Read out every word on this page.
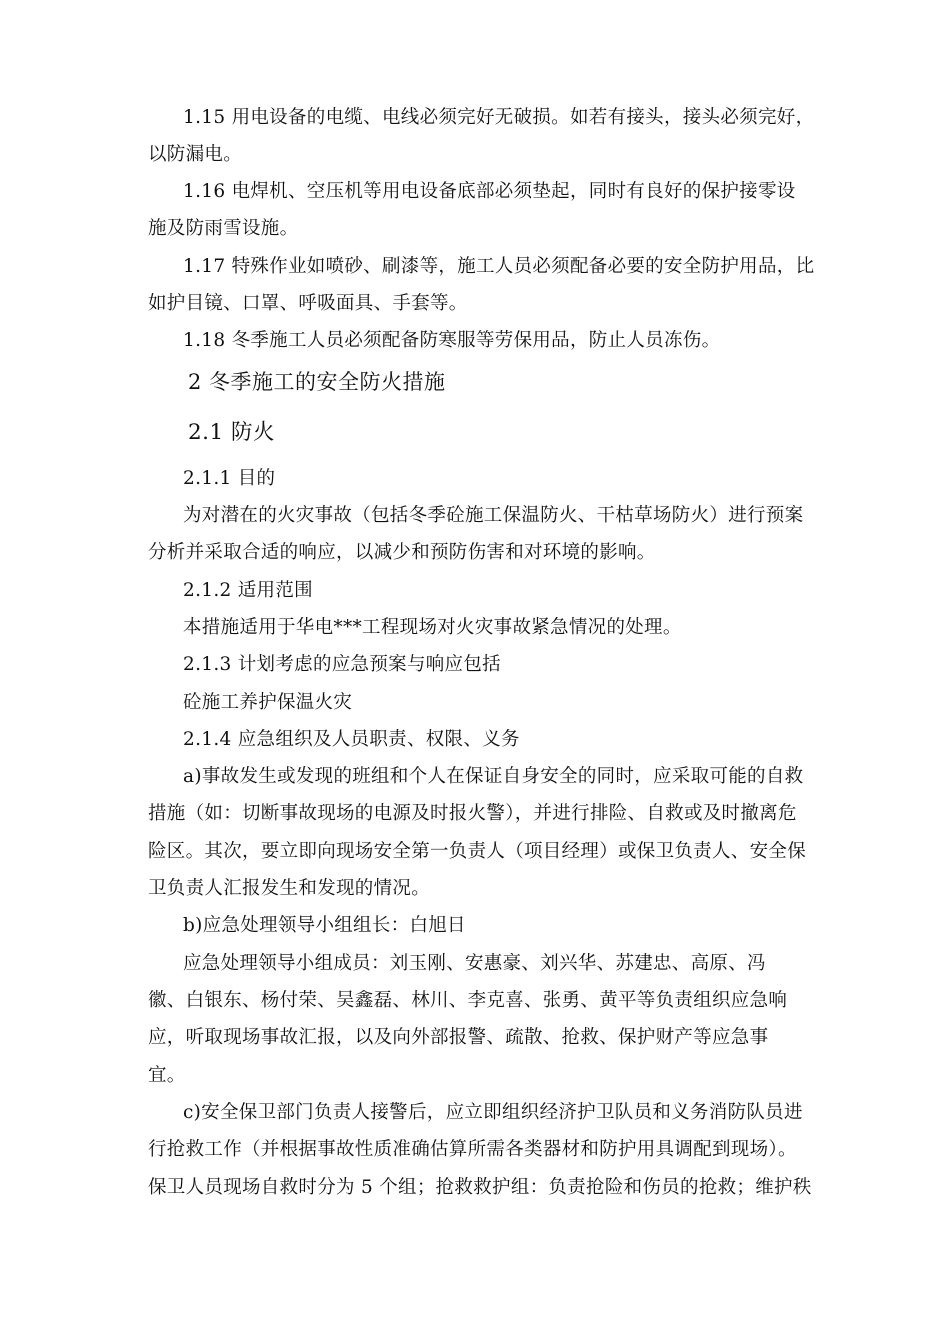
1.15 用电设备的电缆、电线必须完好无破损。如若有接头，接头必须完好，
以防漏电。
1.16 电焊机、空压机等用电设备底部必须垫起，同时有良好的保护接零设
施及防雨雪设施。
1.17 特殊作业如喷砂、刷漆等，施工人员必须配备必要的安全防护用品，比
如护目镜、口罩、呼吸面具、手套等。
1.18 冬季施工人员必须配备防寒服等劳保用品，防止人员冻伤。
2 冬季施工的安全防火措施
2.1 防火
2.1.1 目的
为对潜在的火灾事故（包括冬季砼施工保温防火、干枯草场防火）进行预案
分析并采取合适的响应，以减少和预防伤害和对环境的影响。
2.1.2 适用范围
本措施适用于华电***工程现场对火灾事故紧急情况的处理。
2.1.3 计划考虑的应急预案与响应包括
砼施工养护保温火灾
2.1.4 应急组织及人员职责、权限、义务
a)事故发生或发现的班组和个人在保证自身安全的同时，应采取可能的自救
措施（如：切断事故现场的电源及时报火警），并进行排险、自救或及时撤离危
险区。其次，要立即向现场安全第一负责人（项目经理）或保卫负责人、安全保
卫负责人汇报发生和发现的情况。
b)应急处理领导小组组长：白旭日
应急处理领导小组成员：刘玉刚、安惠豪、刘兴华、苏建忠、高原、冯
徽、白银东、杨付荣、吴鑫磊、林川、李克喜、张勇、黄平等负责组织应急响
应，听取现场事故汇报，以及向外部报警、疏散、抢救、保护财产等应急事
宜。
c)安全保卫部门负责人接警后，应立即组织经济护卫队员和义务消防队员进
行抢救工作（并根据事故性质准确估算所需各类器材和防护用具调配到现场）。
保卫人员现场自救时分为 5 个组；抢救救护组：负责抢险和伤员的抢救；维护秩
